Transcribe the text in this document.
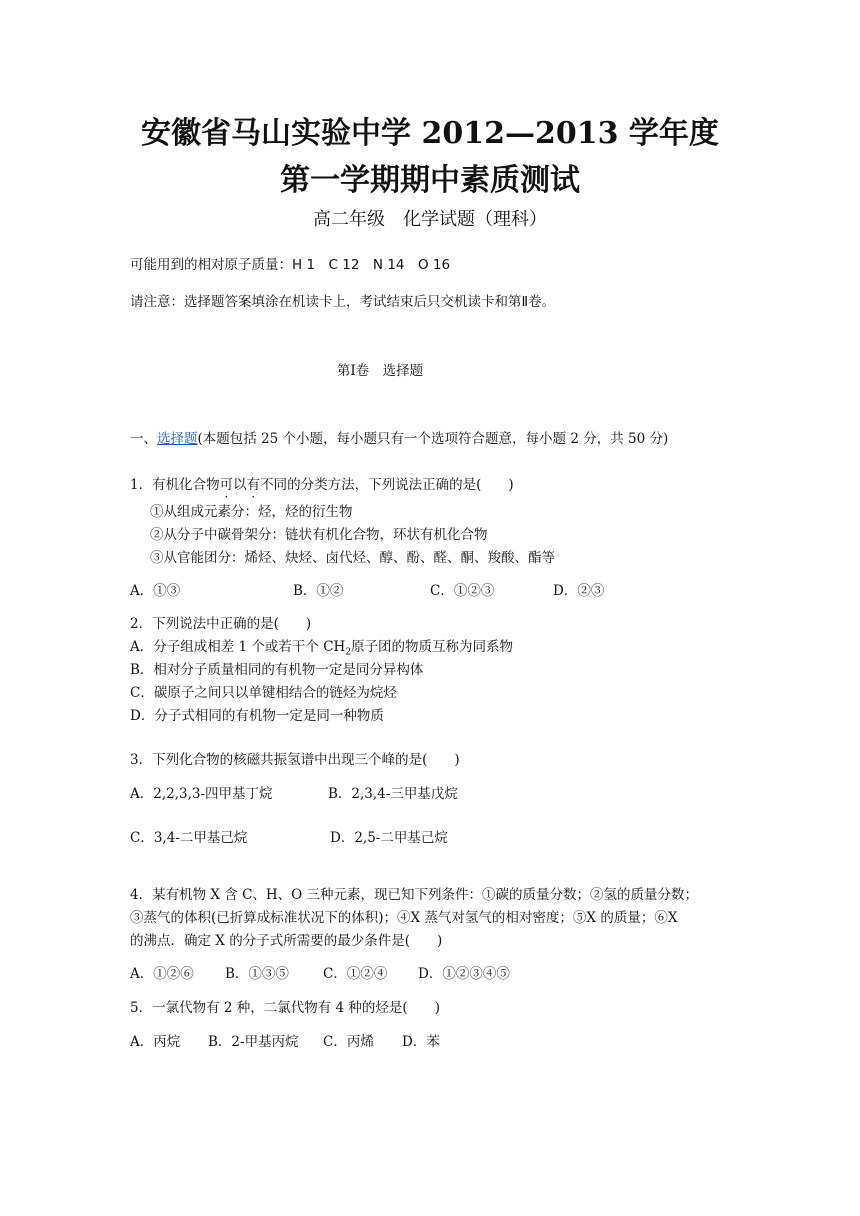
安徽省马山实验中学 2012—2013 学年度
第一学期期中素质测试
高二年级　化学试题（理科）
可能用到的相对原子质量：H 1　C 12　N 14　O 16
请注意：选择题答案填涂在机读卡上，考试结束后只交机读卡和第Ⅱ卷。
第Ⅰ卷　选择题
一、选择题(本题包括 25 个小题，每小题只有一个选项符合题意，每小题 2 分，共 50 分)
1．有机化合物可以有不同的分类方法，下列说法正确的是(　　)
①从组成元素分：烃，烃的衍生物
②从分子中碳骨架分：链状有机化合物，环状有机化合物
③从官能团分：烯烃、炔烃、卤代烃、醇、酚、醛、酮、羧酸、酯等
A．①③	B．①②	C．①②③	D．②③
2．下列说法中正确的是(　　)
A．分子组成相差 1 个或若干个 $CH_2$原子团的物质互称为同系物
B．相对分子质量相同的有机物一定是同分异构体
C．碳原子之间只以单键相结合的链烃为烷烃
D．分子式相同的有机物一定是同一种物质
3．下列化合物的核磁共振氢谱中出现三个峰的是(　　)
A．2,2,3,3-四甲基丁烷	B．2,3,4-三甲基戊烷
C．3,4-二甲基己烷	D．2,5-二甲基己烷
4．某有机物 X 含 C、H、O 三种元素，现已知下列条件：①碳的质量分数；②氢的质量分数；
③蒸气的体积(已折算成标准状况下的体积)；④X 蒸气对氢气的相对密度；⑤X 的质量；⑥X
的沸点．确定 X 的分子式所需要的最少条件是(　　)
A．①②⑥ B．①③⑤	C．①②④ D．①②③④⑤
5．一氯代物有 2 种，二氯代物有 4 种的烃是(　　)
A．丙烷 B．2-甲基丙烷 C．丙烯 D．苯
